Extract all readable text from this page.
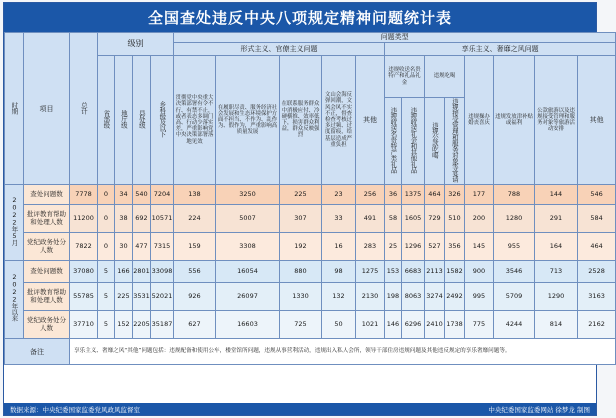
全国查处违反中央八项规定精神问题统计表
时期	项目	总计	级别				问题类型												
							形式主义、官僚主义问题					享乐主义、奢靡之风问题							
			省部级	地厅级	县处级	乡科级及以下	贯彻党中央重大决策部署有令不行、有禁不止，或者表态多调门高、行动少落实差，严重影响党中央决策部署落地见效	在履职尽责、服务经济社会发展和生态环境保护方面不担当、不作为、乱作为、假作为，严重影响高质量发展	在联系服务群众中消极应付、冷硬横推、效率低下，损害群众利益，群众反映强烈	文山会海反弹回潮，文风会风不实不正，督查检查考核过多过频、过度留痕，给基层造成严重负担	其他	违规收送名贵特产和礼品礼金		违规吃喝		违规操办婚丧喜庆	违规发放津补贴或福利	公款旅游以及违规接受管理和服务对象等旅游活动安排	其他
												违规收送名贵特产类礼品	违规收送礼金和其他礼品	违规公款吃喝	违规接受管理和服务对象等宴请				
2022年5月	查处问题数	7778	0	34	540	7204	138	3250	225	23	256	36	1375	464	326	177	788	144	546
	批评教育帮助和处理人数	11200	0	38	692	10571	224	5007	307	33	491	58	1605	729	510	200	1280	291	584
	党纪政务处分人数	7822	0	30	477	7315	159	3308	192	16	283	25	1296	527	356	145	955	164	464
2022年以来	查处问题数	37080	5	166	2801	33098	556	16054	880	98	1275	153	6683	2113	1582	900	3546	713	2528
	批评教育帮助和处理人数	55785	5	225	3531	52021	926	26097	1330	132	2130	198	8063	3274	2492	995	5709	1290	3163
	党纪政务处分人数	37710	5	152	2205	35187	627	16603	725	50	1021	146	6296	2410	1738	775	4244	814	2162
备注		享乐主义、奢靡之风“其他”问题包括：违规配备和使用公车，楼堂馆所问题，违规从事营利活动，违规出入私人会所，领导干部住房违规问题及其他违反规定的享乐奢靡问题等。																	
数据来源：中央纪委国家监委党风政风监督室	中央纪委国家监委网站 徐梦龙 制图
